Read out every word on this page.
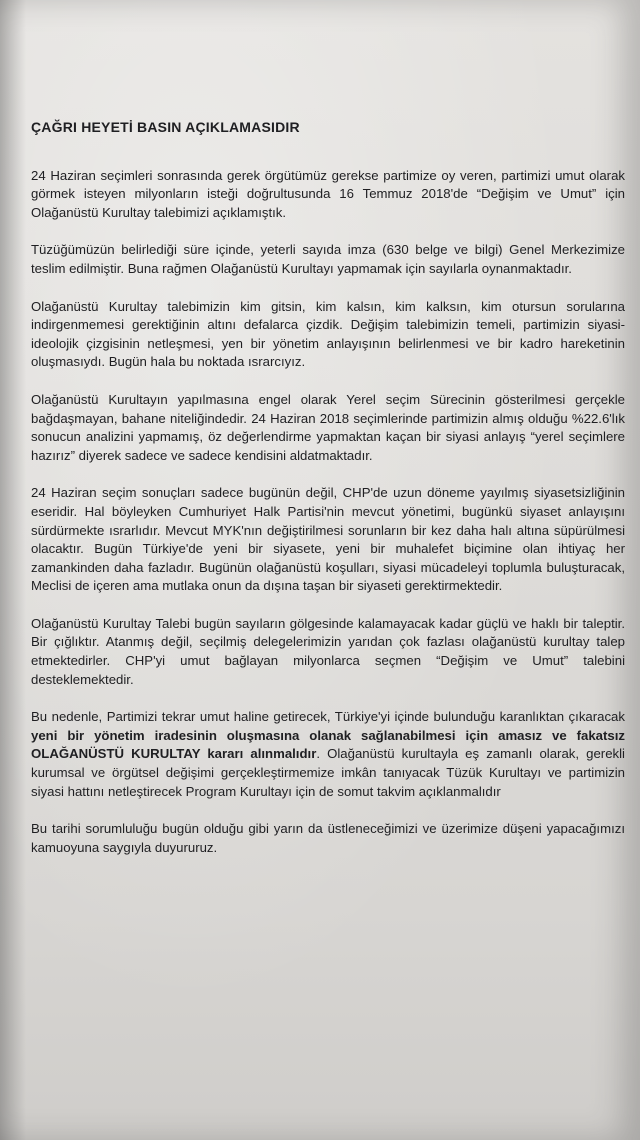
ÇAĞRI HEYETİ BASIN AÇIKLAMASIDIR

24 Haziran seçimleri sonrasında gerek örgütümüz gerekse partimize oy veren, partimizi umut olarak görmek isteyen milyonların isteği doğrultusunda 16 Temmuz 2018'de “Değişim ve Umut” için Olağanüstü Kurultay talebimizi açıklamıştık.

Tüzüğümüzün belirlediği süre içinde, yeterli sayıda imza (630 belge ve bilgi) Genel Merkezimize teslim edilmiştir. Buna rağmen Olağanüstü Kurultayı yapmamak için sayılarla oynanmaktadır.

Olağanüstü Kurultay talebimizin kim gitsin, kim kalsın, kim kalksın, kim otursun sorularına indirgenmemesi gerektiğinin altını defalarca çizdik. Değişim talebimizin temeli, partimizin siyasi-ideolojik çizgisinin netleşmesi, yen bir yönetim anlayışının belirlenmesi ve bir kadro hareketinin oluşmasıydı. Bugün hala bu noktada ısrarcıyız.

Olağanüstü Kurultayın yapılmasına engel olarak Yerel seçim Sürecinin gösterilmesi gerçekle bağdaşmayan, bahane niteliğindedir. 24 Haziran 2018 seçimlerinde partimizin almış olduğu %22.6'lık sonucun analizini yapmamış, öz değerlendirme yapmaktan kaçan bir siyasi anlayış “yerel seçimlere hazırız” diyerek sadece ve sadece kendisini aldatmaktadır.

24 Haziran seçim sonuçları sadece bugünün değil, CHP'de uzun döneme yayılmış siyasetsizliğinin eseridir. Hal böyleyken Cumhuriyet Halk Partisi'nin mevcut yönetimi, bugünkü siyaset anlayışını sürdürmekte ısrarlıdır. Mevcut MYK'nın değiştirilmesi sorunların bir kez daha halı altına süpürülmesi olacaktır. Bugün Türkiye'de yeni bir siyasete, yeni bir muhalefet biçimine olan ihtiyaç her zamankinden daha fazladır. Bugünün olağanüstü koşulları, siyasi mücadeleyi toplumla buluşturacak, Meclisi de içeren ama mutlaka onun da dışına taşan bir siyaseti gerektirmektedir.

Olağanüstü Kurultay Talebi bugün sayıların gölgesinde kalamayacak kadar güçlü ve haklı bir taleptir. Bir çığlıktır. Atanmış değil, seçilmiş delegelerimizin yarıdan çok fazlası olağanüstü kurultay talep etmektedirler. CHP'yi umut bağlayan milyonlarca seçmen “Değişim ve Umut” talebini desteklemektedir.

Bu nedenle, Partimizi tekrar umut haline getirecek, Türkiye'yi içinde bulunduğu karanlıktan çıkaracak yeni bir yönetim iradesinin oluşmasına olanak sağlanabilmesi için amasız ve fakatsız OLAĞANÜSTÜ KURULTAY kararı alınmalıdır. Olağanüstü kurultayla eş zamanlı olarak, gerekli kurumsal ve örgütsel değişimi gerçekleştirmemize imkân tanıyacak Tüzük Kurultayı ve partimizin siyasi hattını netleştirecek Program Kurultayı için de somut takvim açıklanmalıdır

Bu tarihi sorumluluğu bugün olduğu gibi yarın da üstleneceğimizi ve üzerimize düşeni yapacağımızı kamuoyuna saygıyla duyururuz.
